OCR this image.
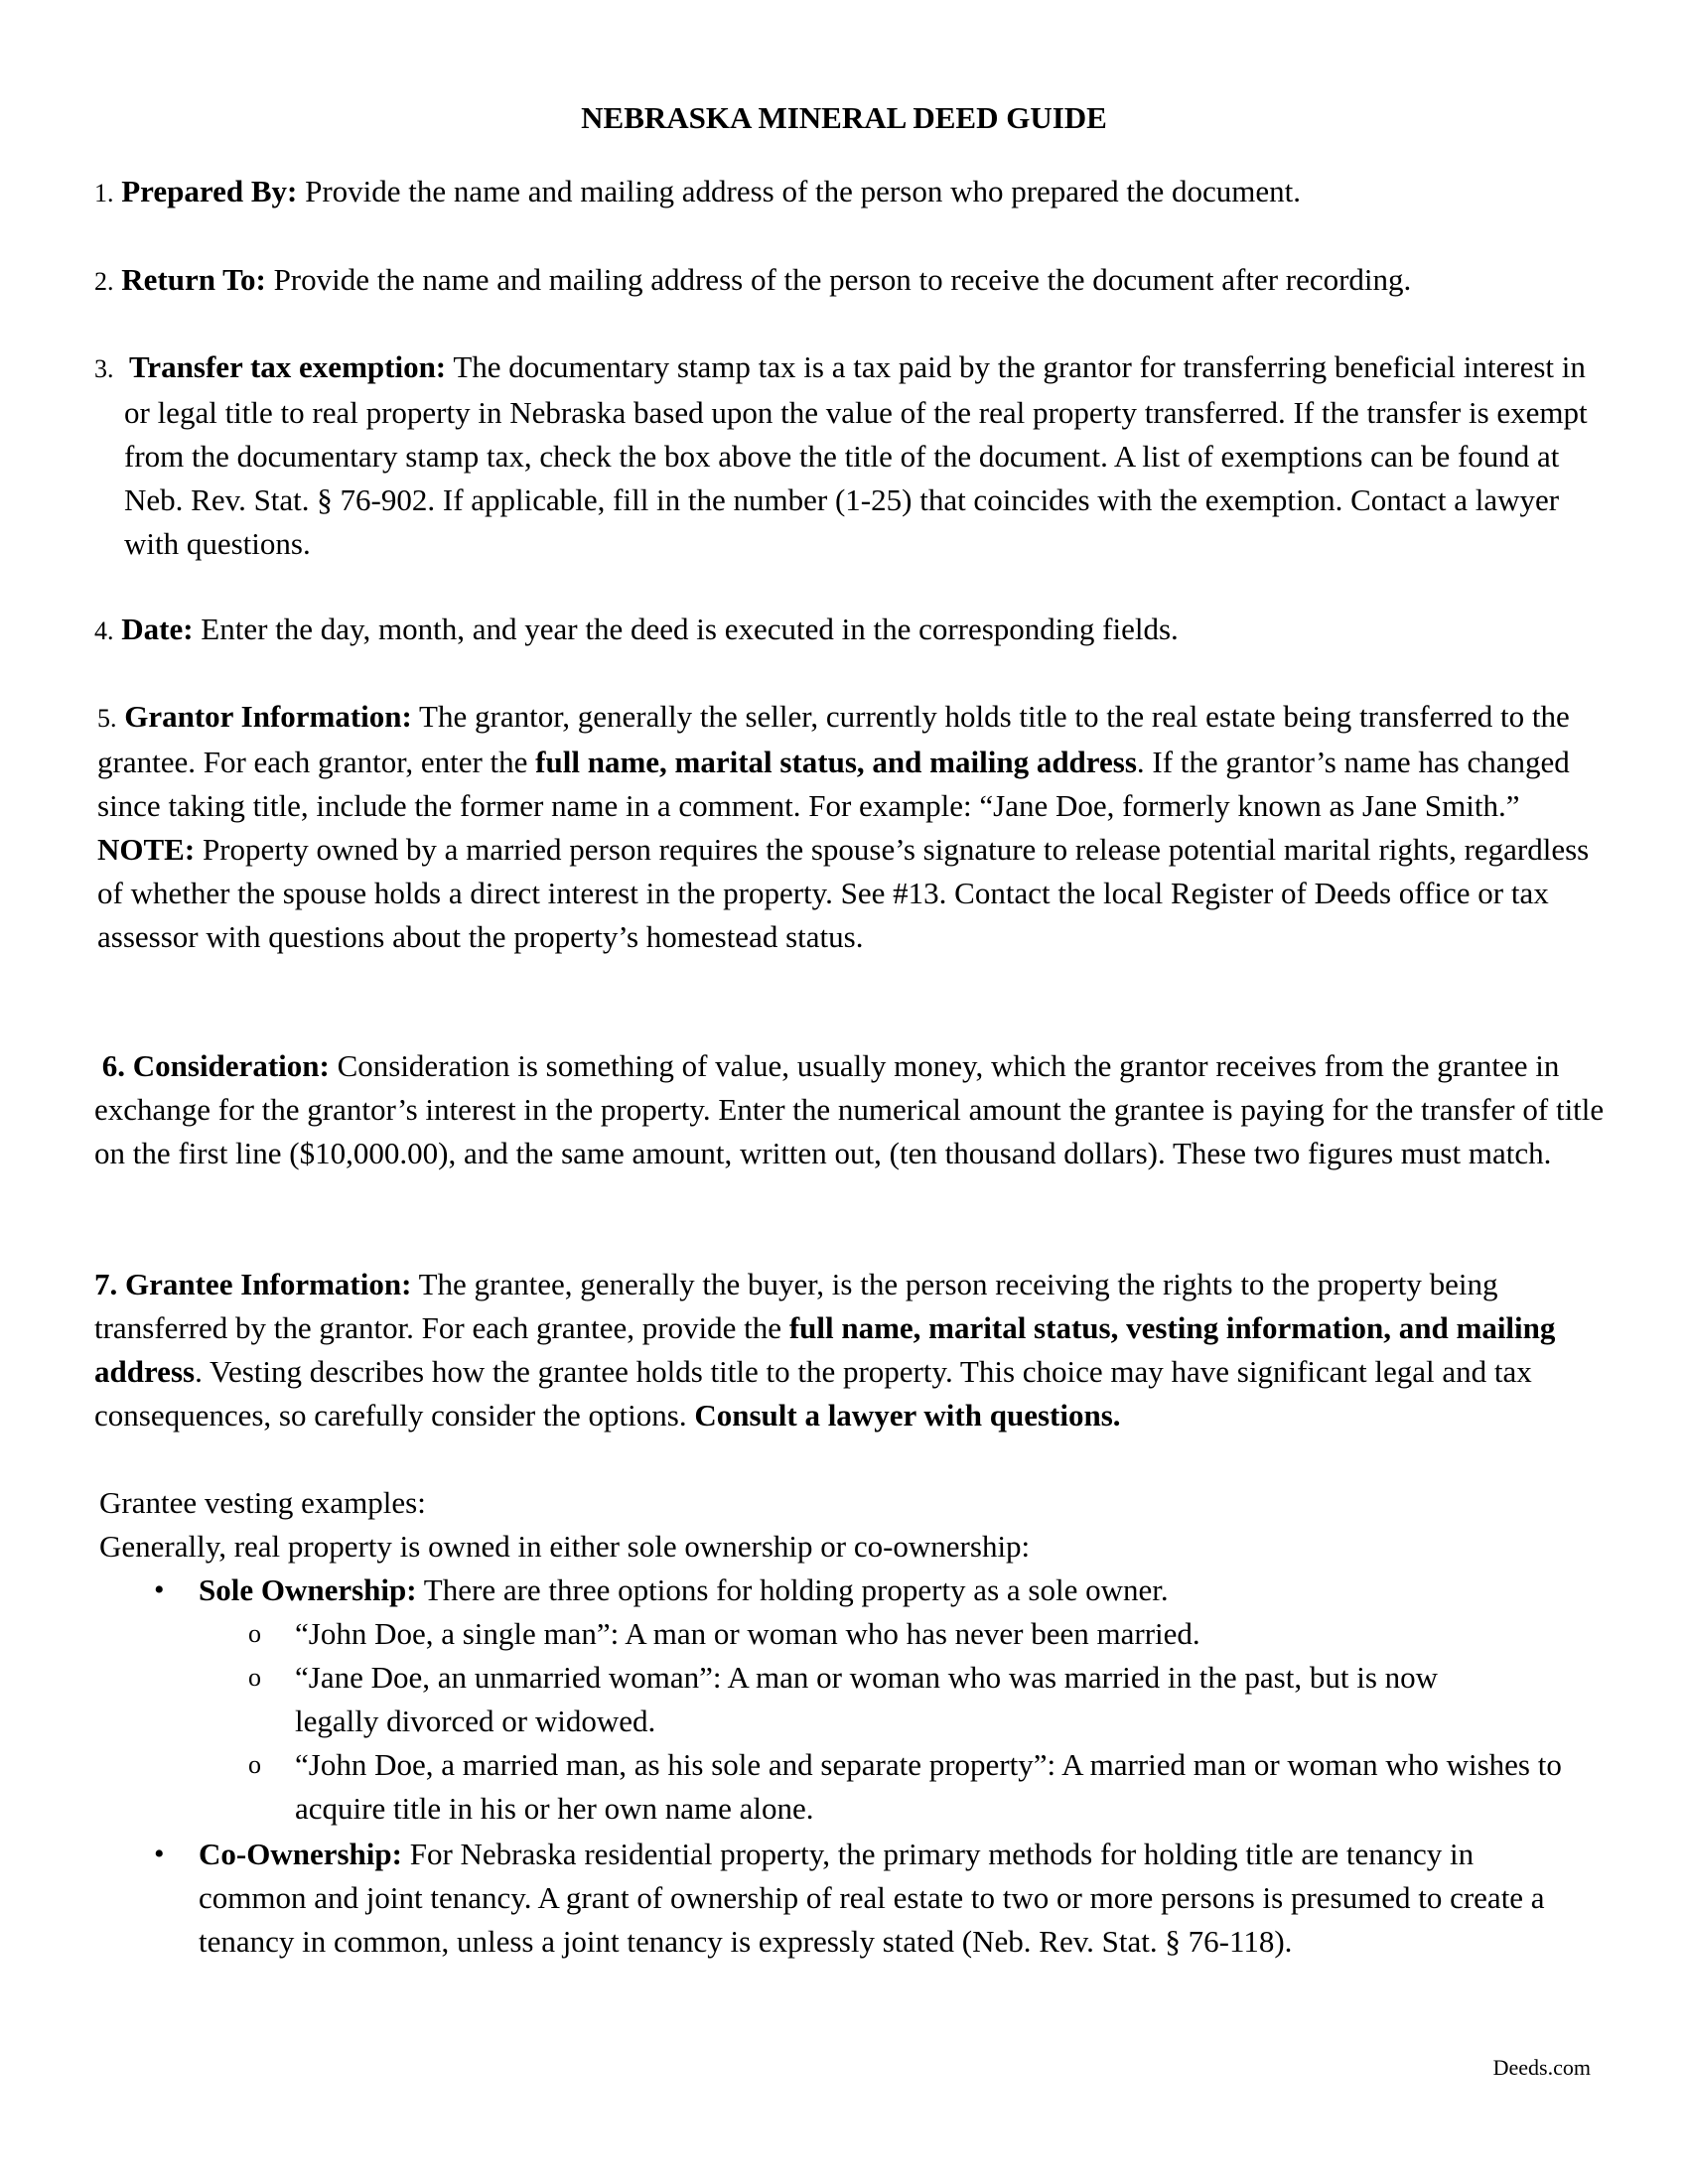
NEBRASKA MINERAL DEED GUIDE

1. Prepared By: Provide the name and mailing address of the person who prepared the document.

2. Return To: Provide the name and mailing address of the person to receive the document after recording.

3. Transfer tax exemption: The documentary stamp tax is a tax paid by the grantor for transferring beneficial interest in or legal title to real property in Nebraska based upon the value of the real property transferred. If the transfer is exempt from the documentary stamp tax, check the box above the title of the document. A list of exemptions can be found at Neb. Rev. Stat. § 76-902. If applicable, fill in the number (1-25) that coincides with the exemption. Contact a lawyer with questions.

4. Date: Enter the day, month, and year the deed is executed in the corresponding fields.

5. Grantor Information: The grantor, generally the seller, currently holds title to the real estate being transferred to the grantee. For each grantor, enter the full name, marital status, and mailing address. If the grantor’s name has changed since taking title, include the former name in a comment. For example: “Jane Doe, formerly known as Jane Smith.” NOTE: Property owned by a married person requires the spouse’s signature to release potential marital rights, regardless of whether the spouse holds a direct interest in the property. See #13. Contact the local Register of Deeds office or tax assessor with questions about the property’s homestead status.

6. Consideration: Consideration is something of value, usually money, which the grantor receives from the grantee in exchange for the grantor’s interest in the property. Enter the numerical amount the grantee is paying for the transfer of title on the first line ($10,000.00), and the same amount, written out, (ten thousand dollars). These two figures must match.

7. Grantee Information: The grantee, generally the buyer, is the person receiving the rights to the property being transferred by the grantor. For each grantee, provide the full name, marital status, vesting information, and mailing address. Vesting describes how the grantee holds title to the property. This choice may have significant legal and tax consequences, so carefully consider the options. Consult a lawyer with questions.

Grantee vesting examples:
Generally, real property is owned in either sole ownership or co-ownership:
• Sole Ownership: There are three options for holding property as a sole owner.
o “John Doe, a single man”: A man or woman who has never been married.
o “Jane Doe, an unmarried woman”: A man or woman who was married in the past, but is now legally divorced or widowed.
o “John Doe, a married man, as his sole and separate property”: A married man or woman who wishes to acquire title in his or her own name alone.
• Co-Ownership: For Nebraska residential property, the primary methods for holding title are tenancy in common and joint tenancy. A grant of ownership of real estate to two or more persons is presumed to create a tenancy in common, unless a joint tenancy is expressly stated (Neb. Rev. Stat. § 76-118).
Deeds.com
